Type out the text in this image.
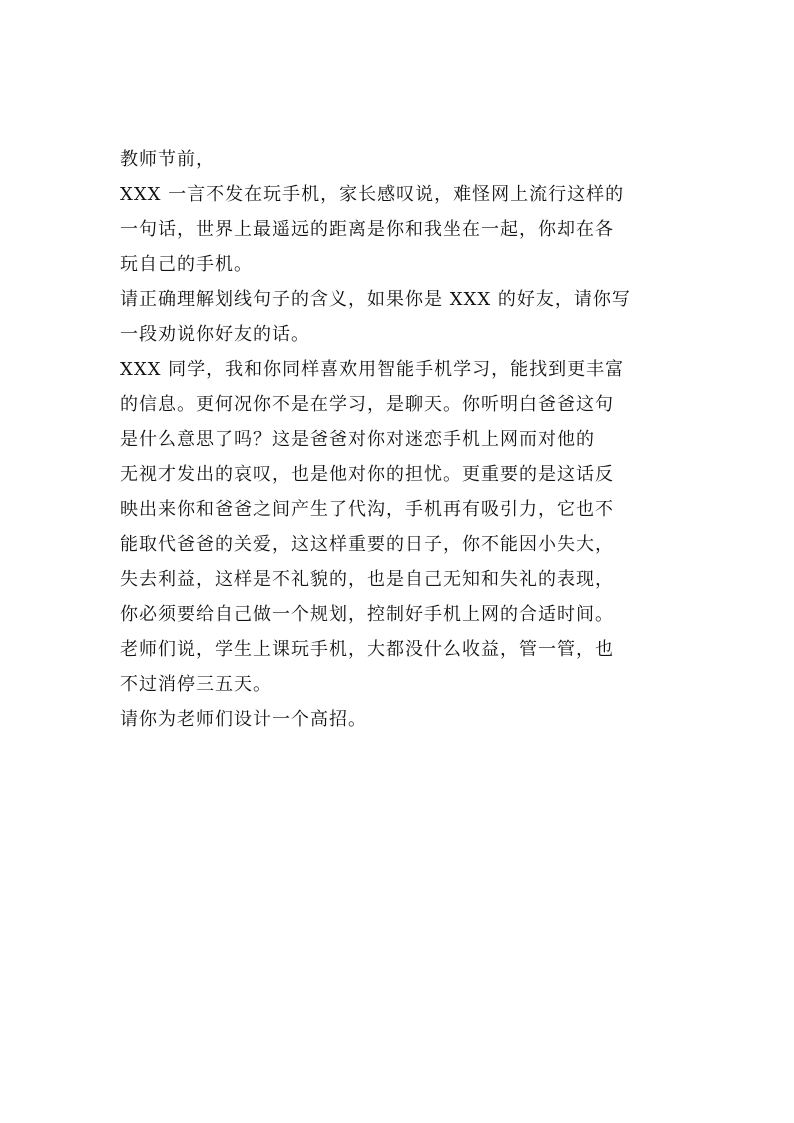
教师节前，
XXX 一言不发在玩手机，家长感叹说，难怪网上流行这样的
一句话，世界上最遥远的距离是你和我坐在一起，你却在各
玩自己的手机。
请正确理解划线句子的含义，如果你是 XXX 的好友，请你写
一段劝说你好友的话。
XXX 同学，我和你同样喜欢用智能手机学习，能找到更丰富
的信息。更何况你不是在学习，是聊天。你听明白爸爸这句
是什么意思了吗？这是爸爸对你对迷恋手机上网而对他的
无视才发出的哀叹，也是他对你的担忧。更重要的是这话反
映出来你和爸爸之间产生了代沟，手机再有吸引力，它也不
能取代爸爸的关爱，这这样重要的日子，你不能因小失大，
失去利益，这样是不礼貌的，也是自己无知和失礼的表现，
你必须要给自己做一个规划，控制好手机上网的合适时间。
老师们说，学生上课玩手机，大都没什么收益，管一管，也
不过消停三五天。
请你为老师们设计一个高招。
